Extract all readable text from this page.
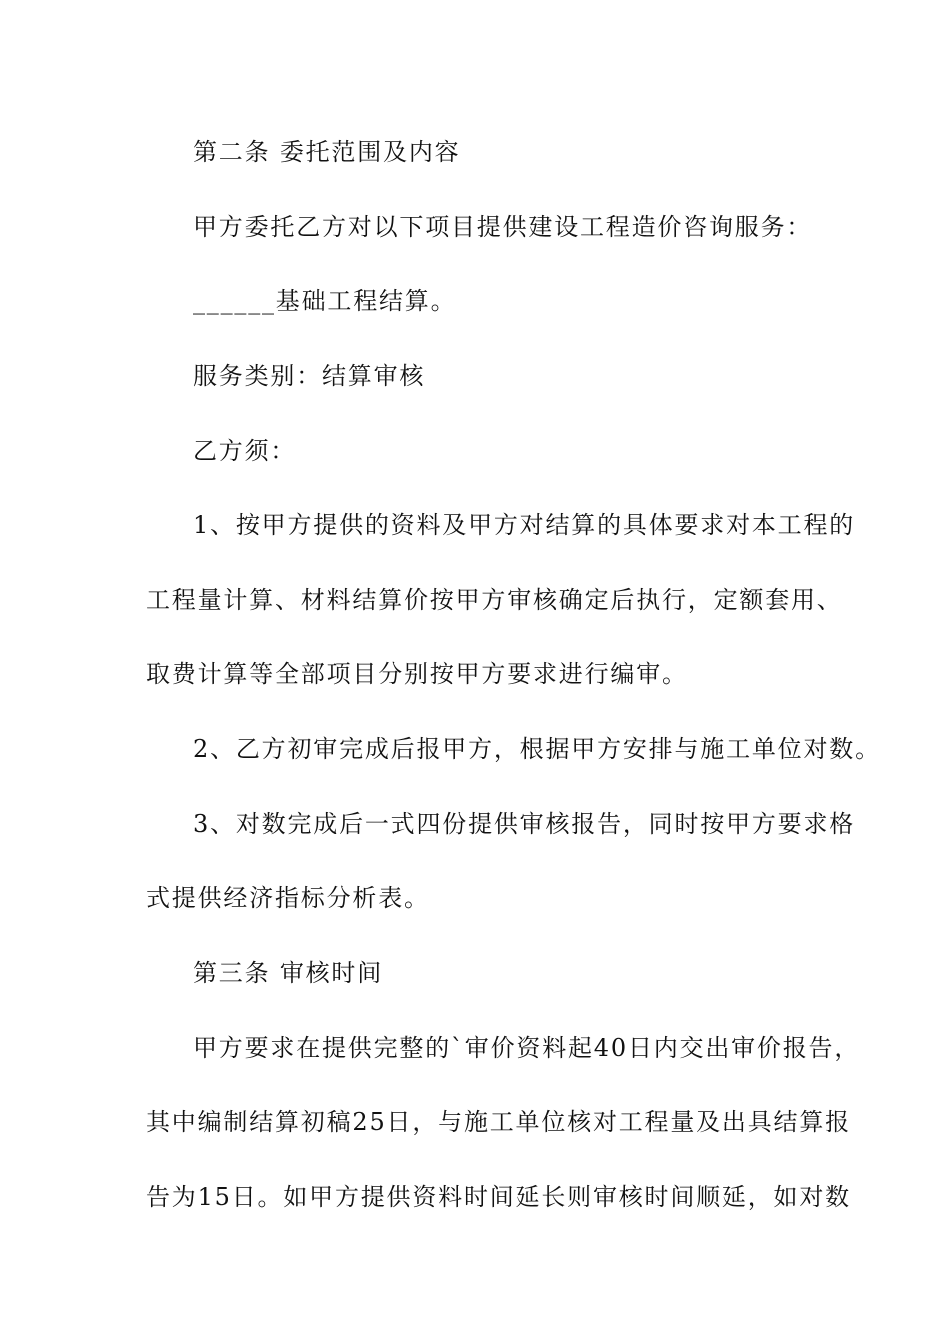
第二条 委托范围及内容
甲方委托乙方对以下项目提供建设工程造价咨询服务：
______基础工程结算。
服务类别：结算审核
乙方须：
1、按甲方提供的资料及甲方对结算的具体要求对本工程的
工程量计算、材料结算价按甲方审核确定后执行，定额套用、
取费计算等全部项目分别按甲方要求进行编审。
2、乙方初审完成后报甲方，根据甲方安排与施工单位对数。
3、对数完成后一式四份提供审核报告，同时按甲方要求格
式提供经济指标分析表。
第三条 审核时间
甲方要求在提供完整的`审价资料起40日内交出审价报告，
其中编制结算初稿25日，与施工单位核对工程量及出具结算报
告为15日。如甲方提供资料时间延长则审核时间顺延，如对数
